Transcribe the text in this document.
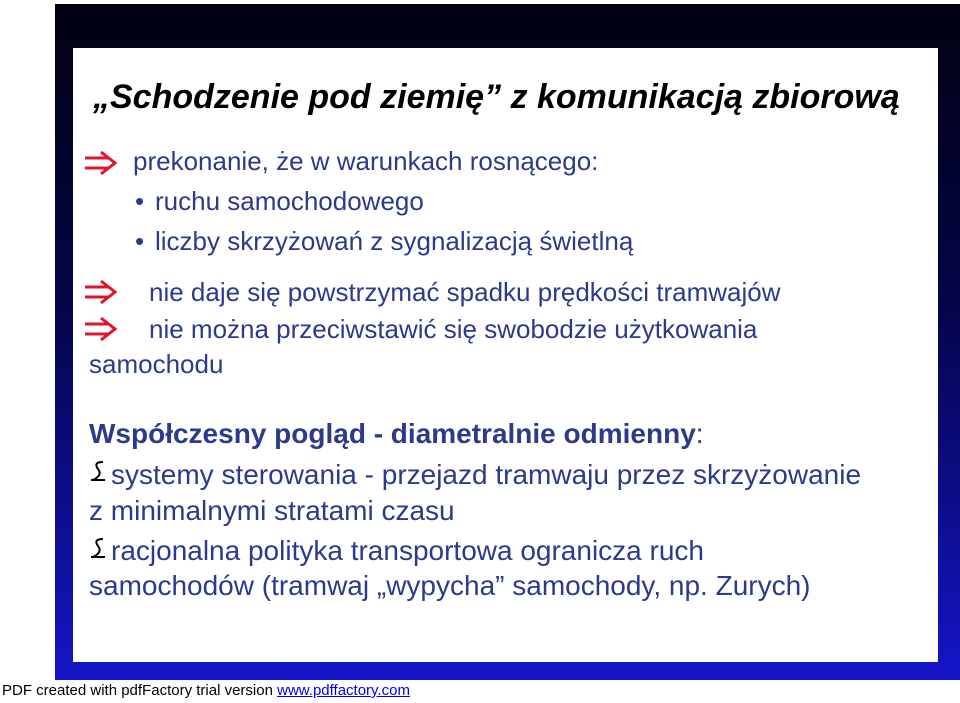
„Schodzenie pod ziemię” z komunikacją zbiorową
prekonanie, że w warunkach rosnącego:
• ruchu samochodowego
• liczby skrzyżowań z sygnalizacją świetlną
nie daje się powstrzymać spadku prędkości tramwajów
nie można przeciwstawić się swobodzie użytkowania
samochodu
Współczesny pogląd - diametralnie odmienny:
systemy sterowania - przejazd tramwaju przez skrzyżowanie
z minimalnymi stratami czasu
racjonalna polityka transportowa ogranicza ruch
samochodów (tramwaj „wypycha” samochody, np. Zurych)
PDF created with pdfFactory trial version www.pdffactory.com
